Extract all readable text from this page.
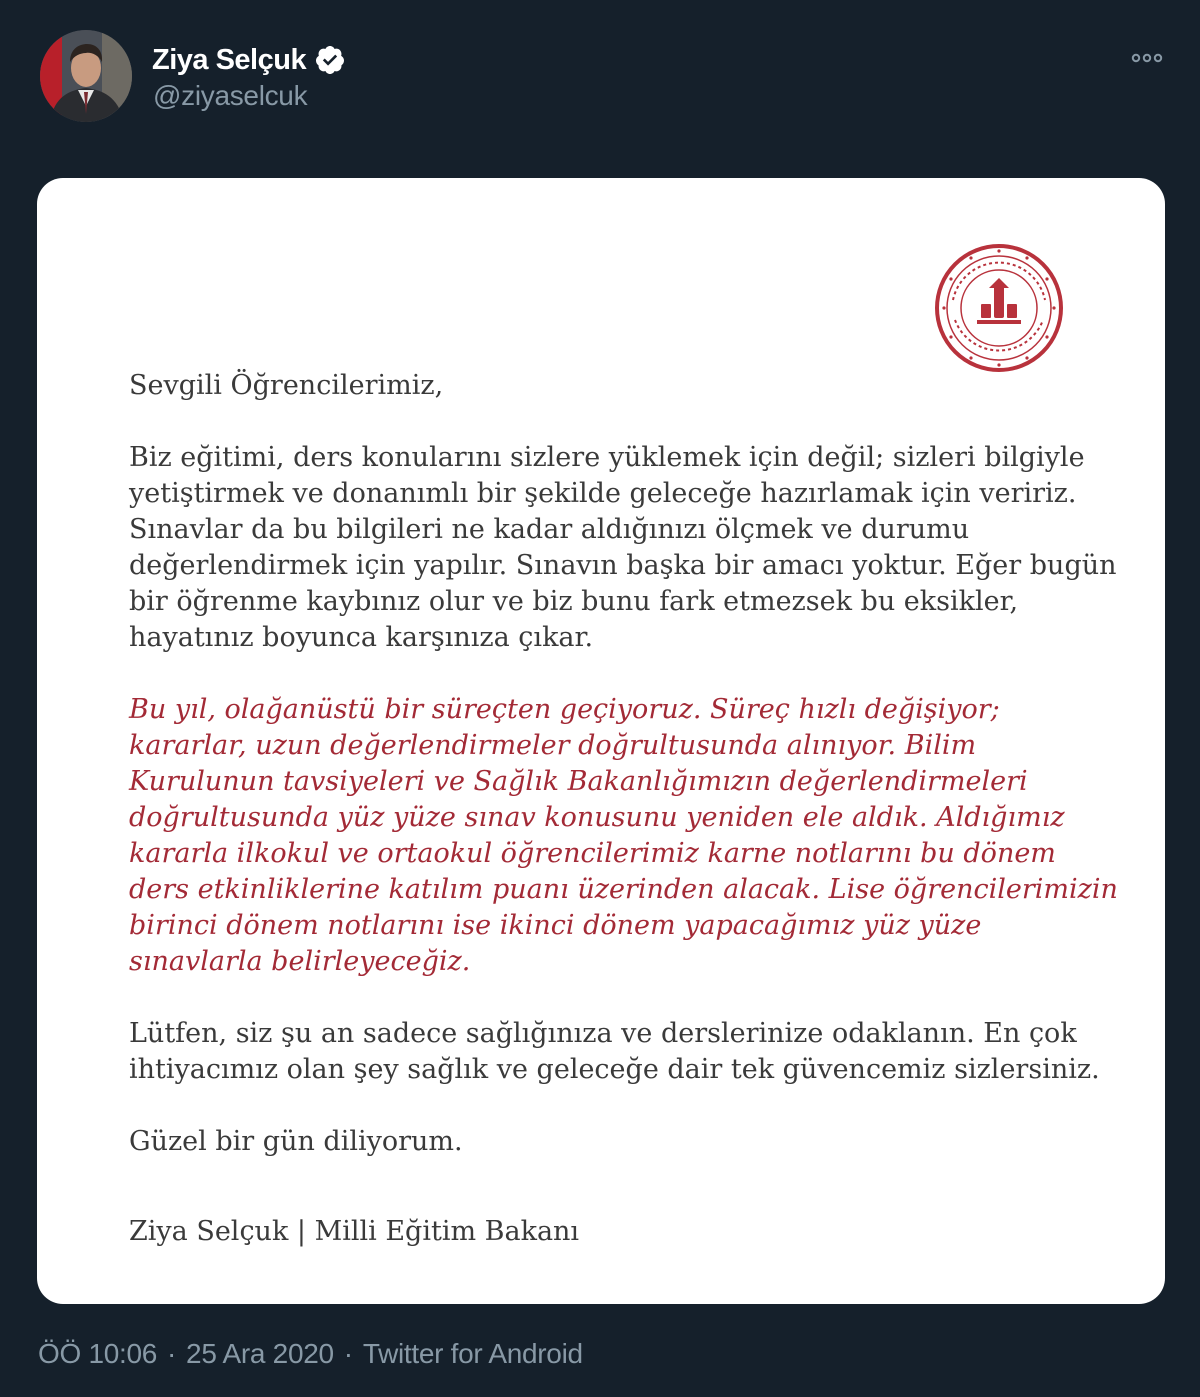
Ziya Selçuk
@ziyaselcuk

Sevgili Öğrencilerimiz,

Biz eğitimi, ders konularını sizlere yüklemek için değil; sizleri bilgiyle yetiştirmek ve donanımlı bir şekilde geleceğe hazırlamak için veririz. Sınavlar da bu bilgileri ne kadar aldığınızı ölçmek ve durumu değerlendirmek için yapılır. Sınavın başka bir amacı yoktur. Eğer bugün bir öğrenme kaybınız olur ve biz bunu fark etmezsek bu eksikler, hayatınız boyunca karşınıza çıkar.

Bu yıl, olağanüstü bir süreçten geçiyoruz. Süreç hızlı değişiyor; kararlar, uzun değerlendirmeler doğrultusunda alınıyor. Bilim Kurulunun tavsiyeleri ve Sağlık Bakanlığımızın değerlendirmeleri doğrultusunda yüz yüze sınav konusunu yeniden ele aldık. Aldığımız kararla ilkokul ve ortaokul öğrencilerimiz karne notlarını bu dönem ders etkinliklerine katılım puanı üzerinden alacak. Lise öğrencilerimizin birinci dönem notlarını ise ikinci dönem yapacağımız yüz yüze sınavlarla belirleyeceğiz.

Lütfen, siz şu an sadece sağlığınıza ve derslerinize odaklanın. En çok ihtiyacımız olan şey sağlık ve geleceğe dair tek güvencemiz sizlersiniz.

Güzel bir gün diliyorum.

Ziya Selçuk | Milli Eğitim Bakanı

ÖÖ 10:06 · 25 Ara 2020 · Twitter for Android
